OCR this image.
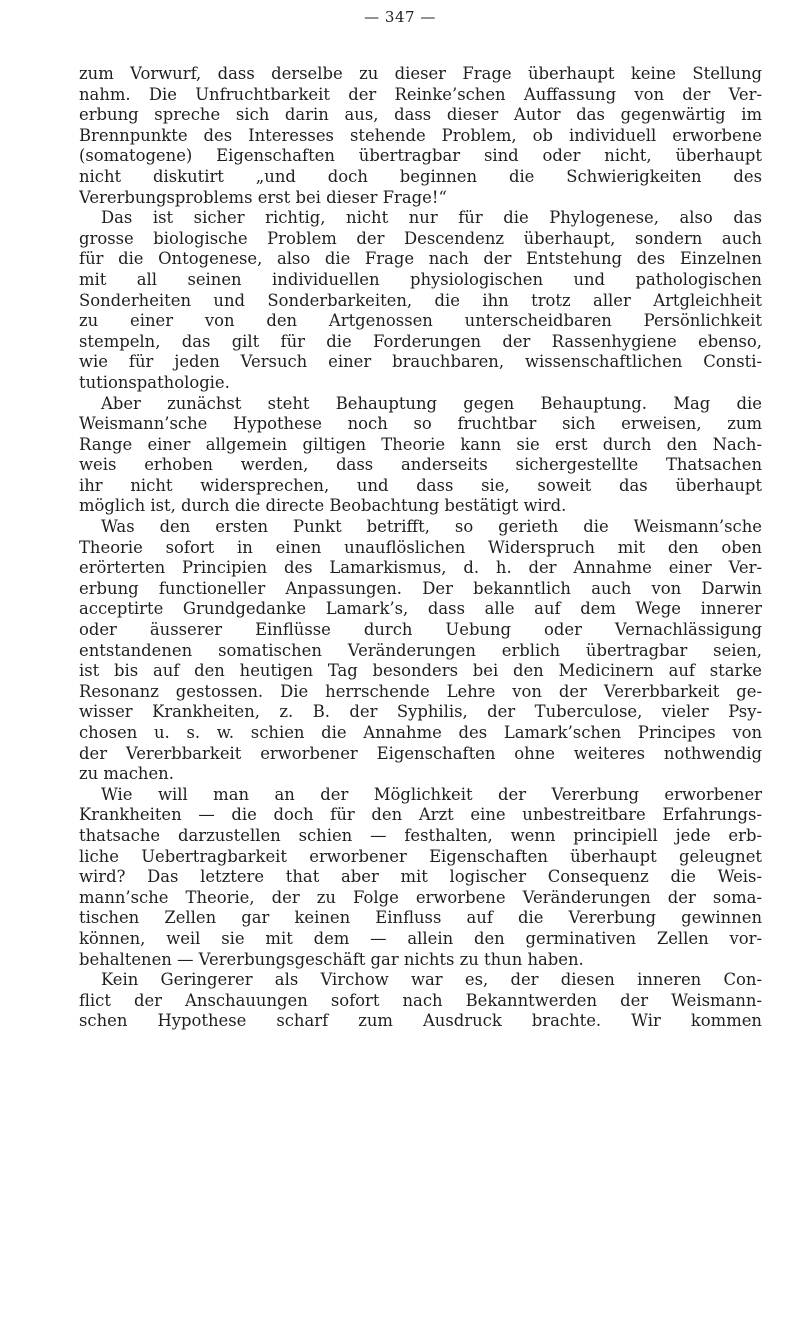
— 347 —
zum Vorwurf, dass derselbe zu dieser Frage überhaupt keine Stellung
nahm. Die Unfruchtbarkeit der Reinke’schen Auffassung von der Ver-
erbung spreche sich darin aus, dass dieser Autor das gegenwärtig im
Brennpunkte des Interesses stehende Problem, ob individuell erworbene
(somatogene) Eigenschaften übertragbar sind oder nicht, überhaupt
nicht diskutirt „und doch beginnen die Schwierigkeiten des
Vererbungsproblems erst bei dieser Frage!“
Das ist sicher richtig, nicht nur für die Phylogenese, also das
grosse biologische Problem der Descendenz überhaupt, sondern auch
für die Ontogenese, also die Frage nach der Entstehung des Einzelnen
mit all seinen individuellen physiologischen und pathologischen
Sonderheiten und Sonderbarkeiten, die ihn trotz aller Artgleichheit
zu einer von den Artgenossen unterscheidbaren Persönlichkeit
stempeln, das gilt für die Forderungen der Rassenhygiene ebenso,
wie für jeden Versuch einer brauchbaren, wissenschaftlichen Consti-
tutionspathologie.
Aber zunächst steht Behauptung gegen Behauptung. Mag die
Weismann’sche Hypothese noch so fruchtbar sich erweisen, zum
Range einer allgemein giltigen Theorie kann sie erst durch den Nach-
weis erhoben werden, dass anderseits sichergestellte Thatsachen
ihr nicht widersprechen, und dass sie, soweit das überhaupt
möglich ist, durch die directe Beobachtung bestätigt wird.
Was den ersten Punkt betrifft, so gerieth die Weismann’sche
Theorie sofort in einen unauflöslichen Widerspruch mit den oben
erörterten Principien des Lamarkismus, d. h. der Annahme einer Ver-
erbung functioneller Anpassungen. Der bekanntlich auch von Darwin
acceptirte Grundgedanke Lamark’s, dass alle auf dem Wege innerer
oder äusserer Einflüsse durch Uebung oder Vernachlässigung
entstandenen somatischen Veränderungen erblich übertragbar seien,
ist bis auf den heutigen Tag besonders bei den Medicinern auf starke
Resonanz gestossen. Die herrschende Lehre von der Vererbbarkeit ge-
wisser Krankheiten, z. B. der Syphilis, der Tuberculose, vieler Psy-
chosen u. s. w. schien die Annahme des Lamark’schen Principes von
der Vererbbarkeit erworbener Eigenschaften ohne weiteres nothwendig
zu machen.
Wie will man an der Möglichkeit der Vererbung erworbener
Krankheiten — die doch für den Arzt eine unbestreitbare Erfahrungs-
thatsache darzustellen schien — festhalten, wenn principiell jede erb-
liche Uebertragbarkeit erworbener Eigenschaften überhaupt geleugnet
wird? Das letztere that aber mit logischer Consequenz die Weis-
mann’sche Theorie, der zu Folge erworbene Veränderungen der soma-
tischen Zellen gar keinen Einfluss auf die Vererbung gewinnen
können, weil sie mit dem — allein den germinativen Zellen vor-
behaltenen — Vererbungsgeschäft gar nichts zu thun haben.
Kein Geringerer als Virchow war es, der diesen inneren Con-
flict der Anschauungen sofort nach Bekanntwerden der Weismann-
schen Hypothese scharf zum Ausdruck brachte. Wir kommen
